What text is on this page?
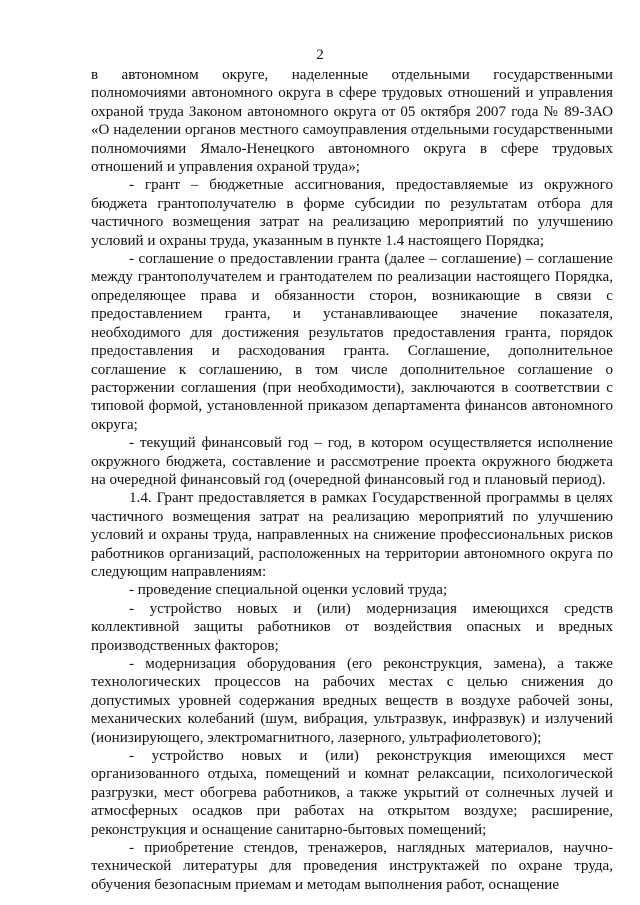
2

в автономном округе, наделенные отдельными государственными полномочиями автономного округа в сфере трудовых отношений и управления охраной труда Законом автономного округа от 05 октября 2007 года № 89-ЗАО «О наделении органов местного самоуправления отдельными государственными полномочиями Ямало-Ненецкого автономного округа в сфере трудовых отношений и управления охраной труда»;

- грант – бюджетные ассигнования, предоставляемые из окружного бюджета грантополучателю в форме субсидии по результатам отбора для частичного возмещения затрат на реализацию мероприятий по улучшению условий и охраны труда, указанным в пункте 1.4 настоящего Порядка;

- соглашение о предоставлении гранта (далее – соглашение) – соглашение между грантополучателем и грантодателем по реализации настоящего Порядка, определяющее права и обязанности сторон, возникающие в связи с предоставлением гранта, и устанавливающее значение показателя, необходимого для достижения результатов предоставления гранта, порядок предоставления и расходования гранта. Соглашение, дополнительное соглашение к соглашению, в том числе дополнительное соглашение о расторжении соглашения (при необходимости), заключаются в соответствии с типовой формой, установленной приказом департамента финансов автономного округа;

- текущий финансовый год – год, в котором осуществляется исполнение окружного бюджета, составление и рассмотрение проекта окружного бюджета на очередной финансовый год (очередной финансовый год и плановый период).

1.4. Грант предоставляется в рамках Государственной программы в целях частичного возмещения затрат на реализацию мероприятий по улучшению условий и охраны труда, направленных на снижение профессиональных рисков работников организаций, расположенных на территории автономного округа по следующим направлениям:

- проведение специальной оценки условий труда;

- устройство новых и (или) модернизация имеющихся средств коллективной защиты работников от воздействия опасных и вредных производственных факторов;

- модернизация оборудования (его реконструкция, замена), а также технологических процессов на рабочих местах с целью снижения до допустимых уровней содержания вредных веществ в воздухе рабочей зоны, механических колебаний (шум, вибрация, ультразвук, инфразвук) и излучений (ионизирующего, электромагнитного, лазерного, ультрафиолетового);

- устройство новых и (или) реконструкция имеющихся мест организованного отдыха, помещений и комнат релаксации, психологической разгрузки, мест обогрева работников, а также укрытий от солнечных лучей и атмосферных осадков при работах на открытом воздухе; расширение, реконструкция и оснащение санитарно-бытовых помещений;

- приобретение стендов, тренажеров, наглядных материалов, научно-технической литературы для проведения инструктажей по охране труда, обучения безопасным приемам и методам выполнения работ, оснащение
